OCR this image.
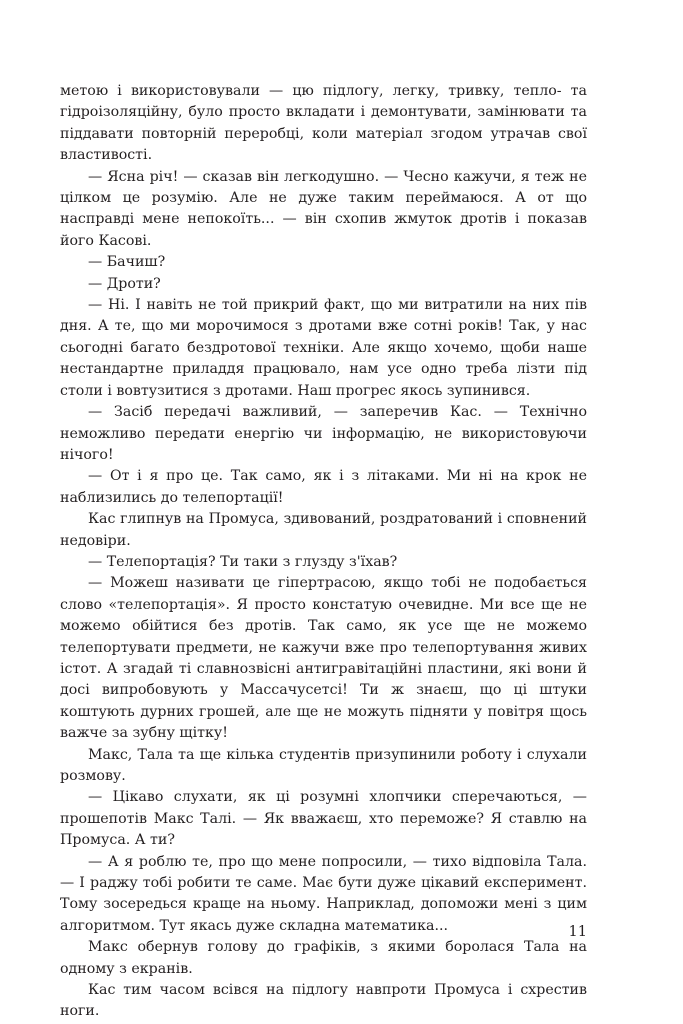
метою і використовували — цю підлогу, легку, тривку, тепло- та гідроізоляційну, було просто вкладати і демонтувати, замінювати та піддавати повторній переробці, коли матеріал згодом утрачав свої властивості.

— Ясна річ! — сказав він легкодушно. — Чесно кажучи, я теж не цілком це розумію. Але не дуже таким переймаюся. А от що насправді мене непокоїть... — він схопив жмуток дротів і показав його Касові.

— Бачиш?

— Дроти?

— Ні. І навіть не той прикрий факт, що ми витратили на них пів дня. А те, що ми морочимося з дротами вже сотні років! Так, у нас сьогодні багато бездротової техніки. Але якщо хочемо, щоби наше нестандартне приладдя працювало, нам усе одно треба лізти під столи і вовтузитися з дротами. Наш прогрес якось зупинився.

— Засіб передачі важливий, — заперечив Кас. — Технічно неможливо передати енергію чи інформацію, не використовуючи нічого!

— От і я про це. Так само, як і з літаками. Ми ні на крок не наблизились до телепортації!

Кас глипнув на Промуса, здивований, роздратований і сповнений недовіри.

— Телепортація? Ти таки з глузду з'їхав?

— Можеш називати це гіпертрасою, якщо тобі не подобається слово «телепортація». Я просто констатую очевидне. Ми все ще не можемо обійтися без дротів. Так само, як усе ще не можемо телепортувати предмети, не кажучи вже про телепортування живих істот. А згадай ті славнозвісні антигравітаційні пластини, які вони й досі випробовують у Массачусетсі! Ти ж знаєш, що ці штуки коштують дурних грошей, але ще не можуть підняти у повітря щось важче за зубну щітку!

Макс, Тала та ще кілька студентів призупинили роботу і слухали розмову.

— Цікаво слухати, як ці розумні хлопчики сперечаються, — прошепотів Макс Талі. — Як вважаєш, хто переможе? Я ставлю на Промуса. А ти?

— А я роблю те, про що мене попросили, — тихо відповіла Тала. — І раджу тобі робити те саме. Має бути дуже цікавий експеримент. Тому зосередься краще на ньому. Наприклад, допоможи мені з цим алгоритмом. Тут якась дуже складна математика...

Макс обернув голову до графіків, з якими боролася Тала на одному з екранів.

Кас тим часом всівся на підлогу навпроти Промуса і схрестив ноги.

11
